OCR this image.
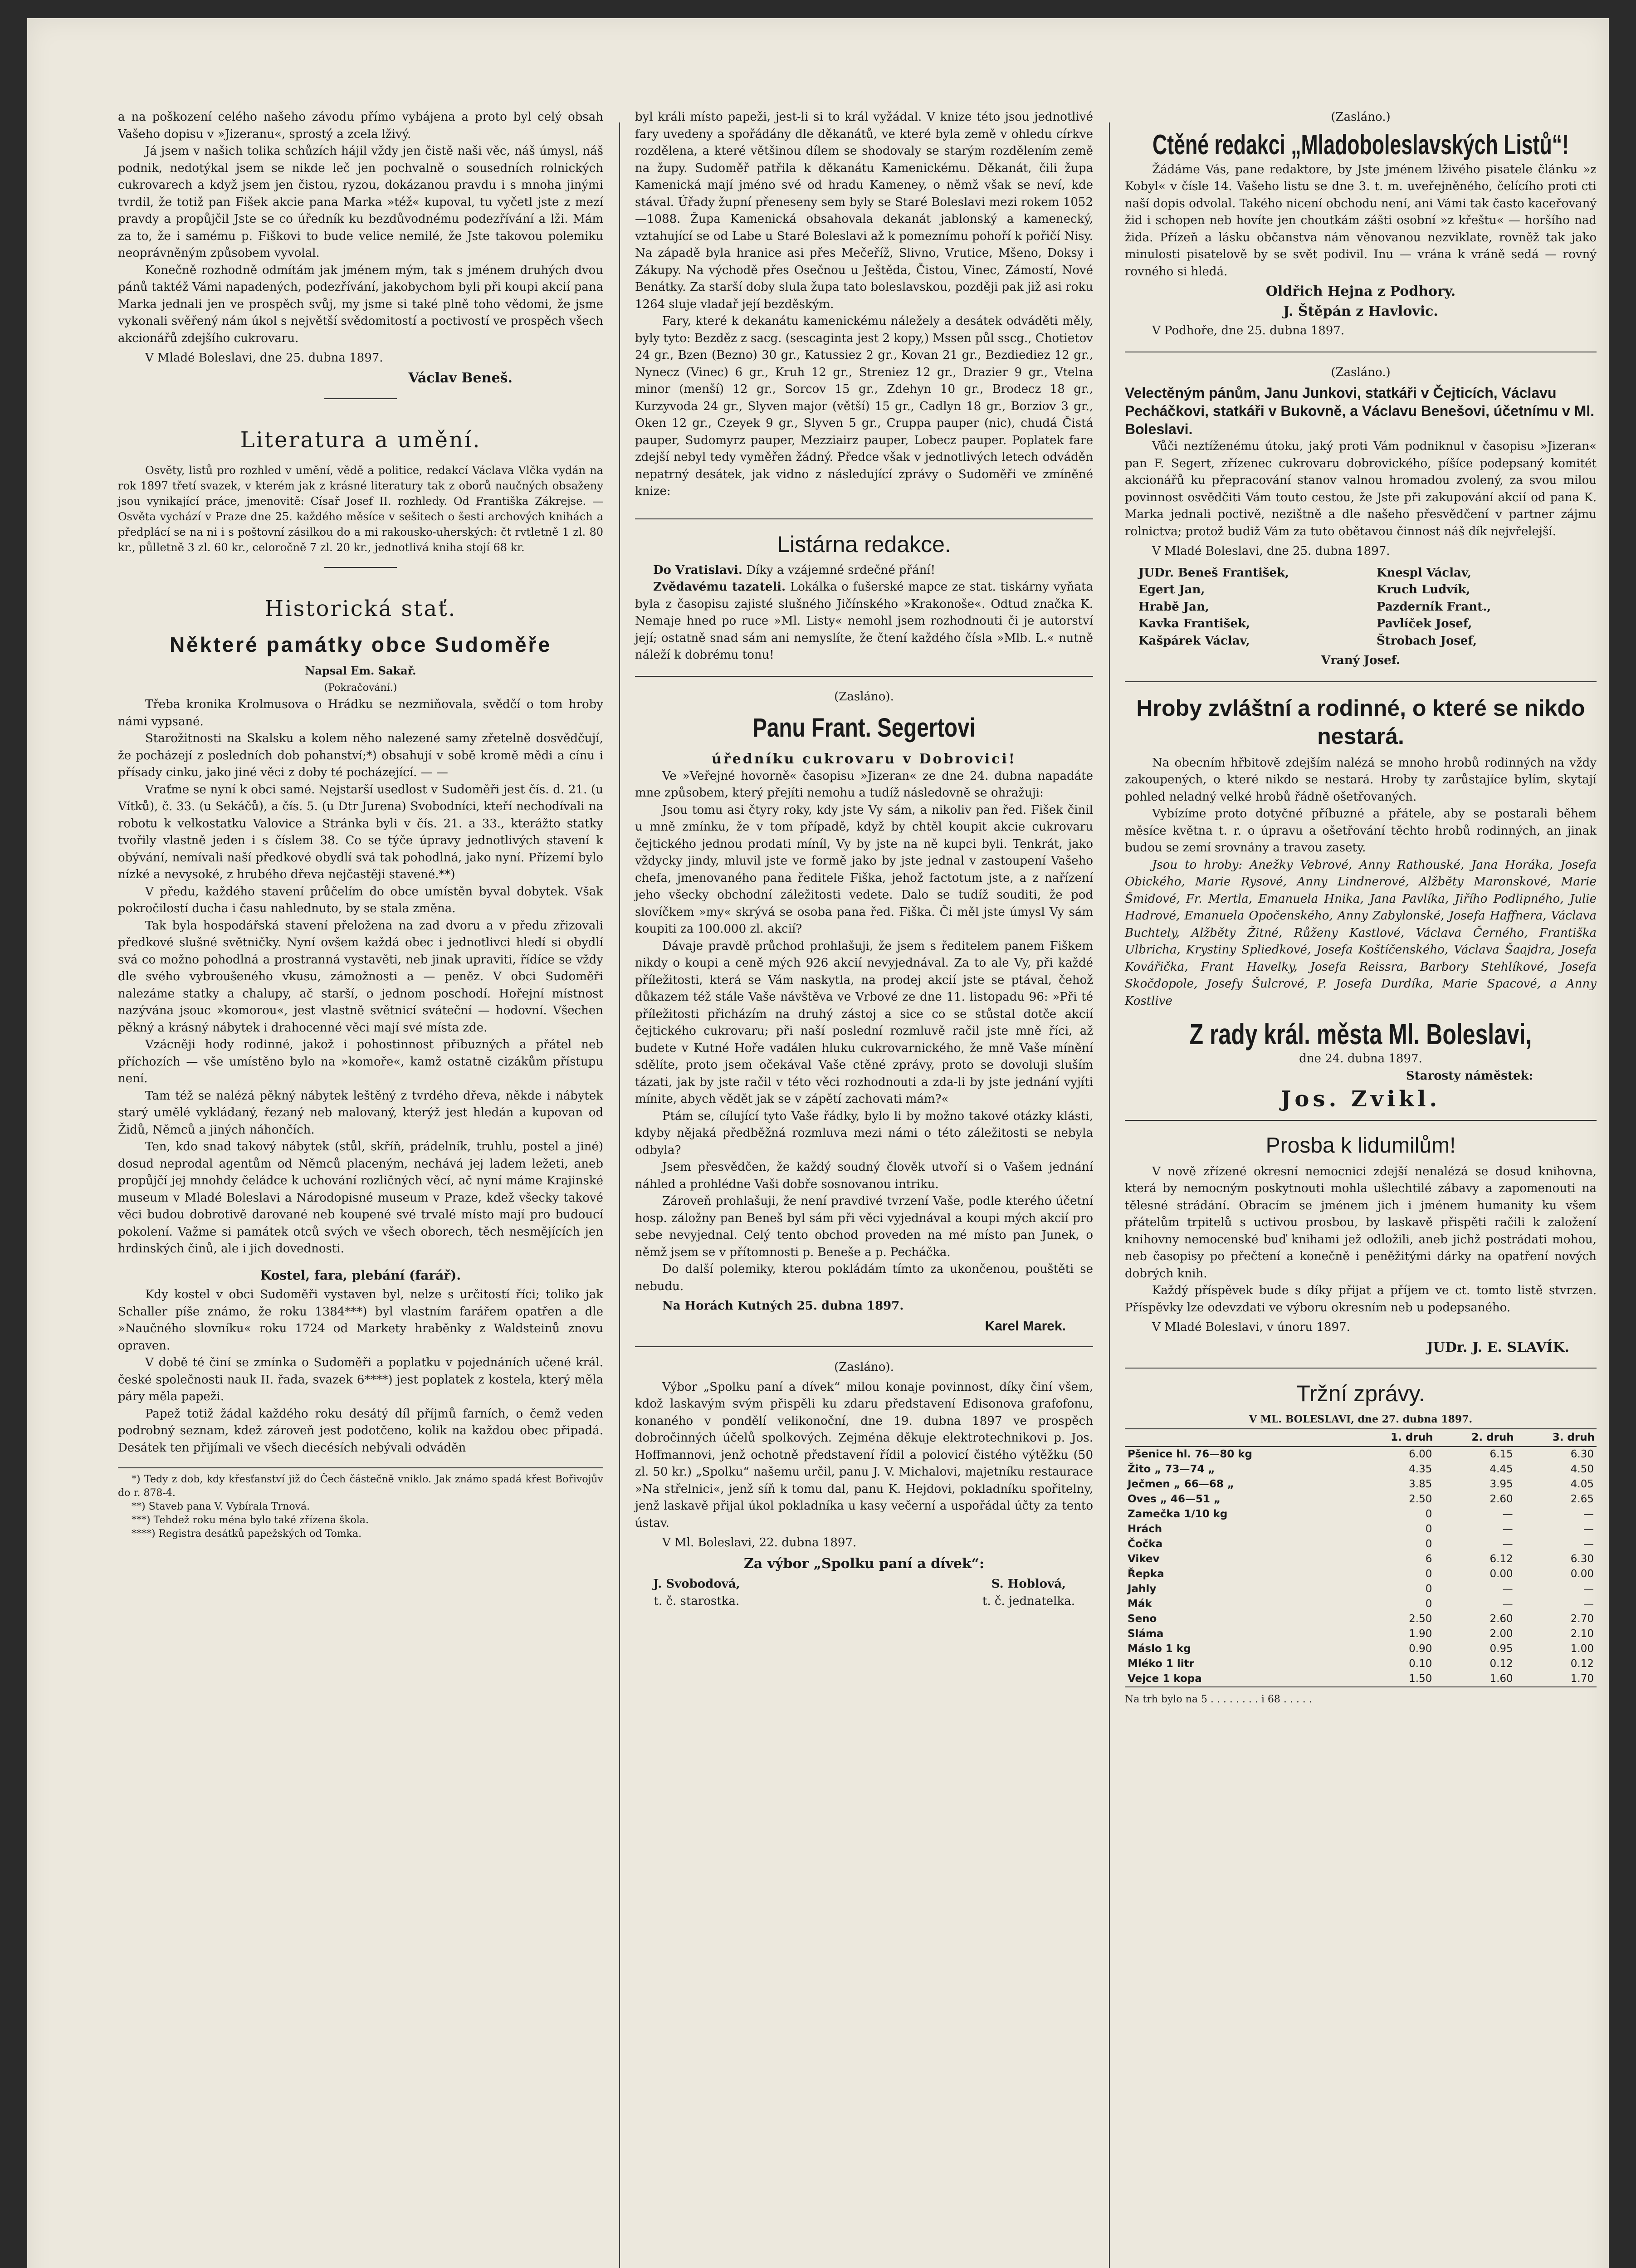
a na poškození celého našeho závodu přímo vybájena a proto byl celý obsah Vašeho dopisu v »Jizeranu«, sprostý a zcela lživý.

Já jsem v našich tolika schůzích hájil vždy jen čistě naši věc, náš úmysl, náš podnik, nedotýkal jsem se nikde leč jen pochvalně o sousedních rolnických cukrovarech a když jsem jen čistou, ryzou, dokázanou pravdu i s mnoha jinými tvrdil, že totiž pan Fišek akcie pana Marka »též« kupoval, tu vyčetl jste z mezí pravdy a propůjčil Jste se co úředník ku bezdůvodnému podezřívání a lži. Mám za to, že i samému p. Fiškovi to bude velice nemilé, že Jste takovou polemiku neoprávněným způsobem vyvolal.

Konečně rozhodně odmítám jak jménem mým, tak s jménem druhých dvou pánů taktéž Vámi napadených, podezřívání, jakobychom byli při koupi akcií pana Marka jednali jen ve prospěch svůj, my jsme si také plně toho vědomi, že jsme vykonali svěřený nám úkol s největší svědomitostí a poctivostí ve prospěch všech akcionářů zdejšího cukrovaru.

V Mladé Boleslavi, dne 25. dubna 1897.

Václav Beneš.
Literatura a umění.

Osvěty, listů pro rozhled v umění, vědě a politice, redakcí Václava Vlčka vydán na rok 1897 třetí svazek, v kterém jak z krásné literatury tak z oborů naučných obsaženy jsou vynikající práce, jmenovitě: Císař Josef II. rozhledy. Od Františka Zákrejse. — Osvěta vychází v Praze dne 25. každého měsíce v sešitech o šesti archových knihách a předplácí se na ni i s poštovní zásilkou do a mi rakousko-uherských: čt rvtletně 1 zl. 80 kr., půlletně 3 zl. 60 kr., celoročně 7 zl. 20 kr., jednotlivá kniha stojí 68 kr.

Historická stať.
Některé památky obce Sudoměře
Napsal Em. Sakař.
(Pokračování.)

Třeba kronika Krolmusova o Hrádku se nezmiňovala, svědčí o tom hroby námi vypsané.

Starožitnosti na Skalsku a kolem něho nalezené samy zřetelně dosvědčují, že pocházejí z posledních dob pohanství;*) obsahují v sobě kromě mědi a cínu i přísady cinku, jako jiné věci z doby té pocházející. — —

Vraťme se nyní k obci samé. Nejstarší usedlost v Sudoměři jest čís. d. 21. (u Vítků), č. 33. (u Sekáčů), a čís. 5. (u Dtr Jurena) Svobodníci, kteří nechodívali na robotu k velkostatku Valovice a Stránka byli v čís. 21. a 33., kterážto statky tvořily vlastně jeden i s číslem 38. Co se týče úpravy jednotlivých stavení k obývání, nemívali naší předkové obydlí svá tak pohodlná, jako nyní. Přízemí bylo nízké a nevysoké, z hrubého dřeva nejčastěji stavené.**)

V předu, každého stavení průčelím do obce umístěn byval dobytek. Však pokročilostí ducha i času nahlednuto, by se stala změna.

Tak byla hospodářská stavení přeložena na zad dvoru a v předu zřizovali předkové slušné světničky. Nyní ovšem každá obec i jednotlivci hledí si obydlí svá co možno pohodlná a prostranná vystavěti, neb jinak upraviti, řídíce se vždy dle svého vybroušeného vkusu, zámožnosti a — peněz. V obci Sudoměři nalezáme statky a chalupy, ač starší, o jednom poschodí. Hořejní místnost nazývána jsouc »komorou«, jest vlastně světnicí sváteční — hodovní. Všechen pěkný a krásný nábytek i drahocenné věci mají své místa zde.

Vzácněji hody rodinné, jakož i pohostinnost přibuzných a přátel neb příchozích — vše umístěno bylo na »komoře«, kamž ostatně cizákům přístupu není.

Tam též se nalézá pěkný nábytek leštěný z tvrdého dřeva, někde i nábytek starý umělé vykládaný, řezaný neb malovaný, kterýž jest hledán a kupovan od Židů, Němců a jiných náhončích.

Ten, kdo snad takový nábytek (stůl, skříň, prádelník, truhlu, postel a jiné) dosud neprodal agentům od Němců placeným, nechává jej ladem ležeti, aneb propůjčí jej mnohdy čeládce k uchování rozličných věcí, ač nyní máme Krajinské museum v Mladé Boleslavi a Národopisné museum v Praze, kdež všecky takové věci budou dobrotivě darované neb koupené své trvalé místo mají pro budoucí pokolení. Važme si památek otců svých ve všech oborech, těch nesmějících jen hrdinských činů, ale i jich dovednosti.

Kostel, fara, plebání (farář).

Kdy kostel v obci Sudoměři vystaven byl, nelze s určitostí říci; toliko jak Schaller píše známo, že roku 1384***) byl vlastním farářem opatřen a dle »Naučného slovníku« roku 1724 od Markety hraběnky z Waldsteinů znovu opraven.

V době té činí se zmínka o Sudoměři a poplatku v pojednáních učené král. české společnosti nauk II. řada, svazek 6****) jest poplatek z kostela, který měla páry měla papeži.

Papež totiž žádal každého roku desátý díl příjmů farních, o čemž veden podrobný seznam, kdež zároveň jest podotčeno, kolik na každou obec připadá. Desátek ten přijímali ve všech diecésích nebývali odváděn

*) Tedy z dob, kdy křesťanství již do Čech částečně vniklo. Jak známo spadá křest Bořivojův do r. 878-4.

**) Staveb pana V. Vybírala Trnová.

***) Tehdež roku ména bylo také zřízena škola.

****) Registra desátků papežských od Tomka.

byl králi místo papeži, jest-li si to král vyžádal. V knize této jsou jednotlivé fary uvedeny a spořádány dle děkanátů, ve které byla země v ohledu církve rozdělena, a které většinou dílem se shodovaly se starým rozdělením země na župy. Sudoměř patřila k děkanátu Kamenickému. Děkanát, čili župa Kamenická mají jméno své od hradu Kameney, o němž však se neví, kde stával. Úřady župní přeneseny sem byly se Staré Boleslavi mezi rokem 1052—1088. Župa Kamenická obsahovala dekanát jablonský a kamenecký, vztahující se od Labe u Staré Boleslavi až k pomeznímu pohoří k pořičí Nisy. Na západě byla hranice asi přes Mečeříž, Slivno, Vrutice, Mšeno, Doksy i Zákupy. Na východě přes Osečnou u Ještěda, Čistou, Vinec, Zámostí, Nové Benátky. Za starší doby slula župa tato boleslavskou, později pak již asi roku 1264 sluje vladař její bezděským.

Fary, které k dekanátu kamenickému náležely a desátek odváděti měly, byly tyto: Bezděz z sacg. (sescaginta jest 2 kopy,) Mssen půl sscg., Chotietov 24 gr., Bzen (Bezno) 30 gr., Katussiez 2 gr., Kovan 21 gr., Bezdiediez 12 gr., Nynecz (Vinec) 6 gr., Kruh 12 gr., Streniez 12 gr., Drazier 9 gr., Vtelna minor (menší) 12 gr., Sorcov 15 gr., Zdehyn 10 gr., Brodecz 18 gr., Kurzyvoda 24 gr., Slyven major (větší) 15 gr., Cadlyn 18 gr., Borziov 3 gr., Oken 12 gr., Czeyek 9 gr., Slyven 5 gr., Cruppa pauper (nic), chudá Čistá pauper, Sudomyrz pauper, Mezziairz pauper, Lobecz pauper. Poplatek fare zdejší nebyl tedy vyměřen žádný. Předce však v jednotlivých letech odváděn nepatrný desátek, jak vidno z následující zprávy o Sudoměři ve zmíněné knize:

Listárna redakce.

Do Vratislavi. Díky a vzájemné srdečné přání!

Zvědavému tazateli. Lokálka o fušerské mapce ze stat. tiskárny vyňata byla z časopisu zajisté slušného Jičínského »Krakonoše«. Odtud značka K. Nemaje hned po ruce »Ml. Listy« nemohl jsem rozhodnouti či je autorství její; ostatně snad sám ani nemyslíte, že čtení každého čísla »Mlb. L.« nutně náleží k dobrému tonu!

(Zasláno).
Panu Frant. Segertovi
úředníku cukrovaru v Dobrovici!

Ve »Veřejné hovorně« časopisu »Jizeran« ze dne 24. dubna napadáte mne způsobem, který přejíti nemohu a tudíž následovně se ohražuji:

Jsou tomu asi čtyry roky, kdy jste Vy sám, a nikoliv pan řed. Fišek činil u mně zmínku, že v tom případě, když by chtěl koupit akcie cukrovaru čejtického jednou prodati míníl, Vy by jste na ně kupci byli. Tenkrát, jako vždycky jindy, mluvil jste ve formě jako by jste jednal v zastoupení Vašeho chefa, jmenovaného pana ředitele Fiška, jehož factotum jste, a z nařízení jeho všecky obchodní záležitosti vedete. Dalo se tudíž souditi, že pod slovíčkem »my« skrývá se osoba pana řed. Fiška. Či měl jste úmysl Vy sám koupiti za 100.000 zl. akcií?

Dávaje pravdě průchod prohlašuji, že jsem s ředitelem panem Fiškem nikdy o koupi a ceně mých 926 akcií nevyjednával. Za to ale Vy, při každé příležitosti, která se Vám naskytla, na prodej akcií jste se ptával, čehož důkazem též stále Vaše návštěva ve Vrbové ze dne 11. listopadu 96: »Při té příležitosti přicházím na druhý zástoj a sice co se stůstal dotče akcií čejtického cukrovaru; při naší poslední rozmluvě račil jste mně říci, až budete v Kutné Hoře vadálen hluku cukrovarnického, že mně Vaše mínění sdělíte, proto jsem očekával Vaše ctěné zprávy, proto se dovoluji sluším tázati, jak by jste račil v této věci rozhodnouti a zda-li by jste jednání vyjíti mínite, abych vědět jak se v zápětí zachovati mám?«

Ptám se, cílující tyto Vaše řádky, bylo li by možno takové otázky klásti, kdyby nějaká předběžná rozmluva mezi námi o této záležitosti se nebyla odbyla?

Jsem přesvědčen, že každý soudný člověk utvoří si o Vašem jednání náhled a prohlédne Vaši dobře sosnovanou intriku.

Zároveň prohlašuji, že není pravdivé tvrzení Vaše, podle kterého účetní hosp. záložny pan Beneš byl sám při věci vyjednával a koupi mých akcií pro sebe nevyjednal. Celý tento obchod proveden na mé místo pan Junek, o němž jsem se v přítomnosti p. Beneše a p. Pecháčka.

Do další polemiky, kterou pokládám tímto za ukončenou, pouštěti se nebudu.

Na Horách Kutných 25. dubna 1897.

Karel Marek.
(Zasláno).

Výbor „Spolku paní a dívek“ milou konaje povinnost, díky činí všem, kdož laskavým svým přispěli ku zdaru představení Edisonova grafofonu, konaného v pondělí velikonoční, dne 19. dubna 1897 ve prospěch dobročinných účelů spolkových. Zejména děkuje elektrotechnikovi p. Jos. Hoffmannovi, jenž ochotně představení řídil a polovicí čistého výtěžku (50 zl. 50 kr.) „Spolku“ našemu určil, panu J. V. Michalovi, majetníku restaurace »Na střelnici«, jenž síň k tomu dal, panu K. Hejdovi, pokladníku spořitelny, jenž laskavě přijal úkol pokladníka u kasy večerní a uspořádal účty za tento ústav.

V Ml. Boleslavi, 22. dubna 1897.

Za výbor „Spolku paní a dívek“:
J. Svobodová,
t. č. starostka.
S. Hoblová,
t. č. jednatelka.
(Zasláno.)
Ctěné redakci „Mladoboleslavských Listů“!

Žádáme Vás, pane redaktore, by Jste jménem lživého pisatele článku »z Kobyl« v čísle 14. Vašeho listu se dne 3. t. m. uveřejněného, čelícího proti cti naší dopis odvolal. Takého nicení obchodu není, ani Vámi tak často kaceřovaný žid i schopen neb hovíte jen choutkám zášti osobní »z křeštu« — horšího nad žida. Přízeň a lásku občanstva nám věnovanou nezviklate, rovněž tak jako minulosti pisatelově by se svět podivil. Inu — vrána k vráně sedá — rovný rovného si hledá.

Oldřich Hejna z Podhory.
J. Štěpán z Havlovic.

V Podhoře, dne 25. dubna 1897.

(Zasláno.)
Velectěným pánům, Janu Junkovi, statkáři v Čejticích, Václavu Pecháčkovi, statkáři v Bukovně, a Václavu Benešovi, účetnímu v Ml. Boleslavi.

Vůči neztíženému útoku, jaký proti Vám podniknul v časopisu »Jizeran« pan F. Segert, zřízenec cukrovaru dobrovického, píšíce podepsaný komitét akcionářů ku přepracování stanov valnou hromadou zvolený, za svou milou povinnost osvědčiti Vám touto cestou, že Jste při zakupování akcií od pana K. Marka jednali poctivě, nezištně a dle našeho přesvědčení v partner zájmu rolnictva; protož budiž Vám za tuto obětavou činnost náš dík nejvřelejší.

V Mladé Boleslavi, dne 25. dubna 1897.

JUDr. Beneš František,	Knespl Václav,
Egert Jan,	Kruch Ludvík,
Hrabě Jan,	Pazderník Frant.,
Kavka František,	Pavlíček Josef,
Kašpárek Václav,	Štrobach Josef,
Vraný Josef.
Hroby zvláštní a rodinné, o které se nikdo nestará.

Na obecním hřbitově zdejším nalézá se mnoho hrobů rodinných na vždy zakoupených, o které nikdo se nestará. Hroby ty zarůstajíce bylím, skytají pohled neladný velké hrobů řádně ošetřovaných.

Vybízíme proto dotyčné příbuzné a přátele, aby se postarali během měsíce května t. r. o úpravu a ošetřování těchto hrobů rodinných, an jinak budou se zemí srovnány a travou zasety.

Jsou to hroby: Anežky Vebrové, Anny Rathouské, Jana Horáka, Josefa Obického, Marie Rysové, Anny Lindnerové, Alžběty Maronskové, Marie Šmidové, Fr. Mertla, Emanuela Hnika, Jana Pavlíka, Jiřího Podlipného, Julie Hadrové, Emanuela Opočenského, Anny Zabylonské, Josefa Haffnera, Václava Buchtely, Alžběty Žitné, Růženy Kastlové, Václava Černého, Františka Ulbricha, Krystiny Spliedkové, Josefa Koštíčenského, Václava Šaajdra, Josefa Kovářička, Frant Havelky, Josefa Reissra, Barbory Stehlíkové, Josefa Skočdopole, Josefy Šulcrové, P. Josefa Durdíka, Marie Spacové, a Anny Kostlive

Z rady král. města Ml. Boleslavi,
dne 24. dubna 1897.
Starosty náměstek:
Jos. Zvikl.
Prosba k lidumilům!

V nově zřízené okresní nemocnici zdejší nenalézá se dosud knihovna, která by nemocným poskytnouti mohla ušlechtilé zábavy a zapomenouti na tělesné strádání. Obracím se jménem jich i jménem humanity ku všem přátelům trpitelů s uctivou prosbou, by laskavě přispěti račili k založení knihovny nemocenské buď knihami jež odložili, aneb jichž postrádati mohou, neb časopisy po přečtení a konečně i peněžitými dárky na opatření nových dobrých knih.

Každý příspěvek bude s díky přijat a příjem ve ct. tomto listě stvrzen. Příspěvky lze odevzdati ve výboru okresním neb u podepsaného.

V Mladé Boleslavi, v únoru 1897.

JUDr. J. E. SLAVÍK.
Tržní zprávy.
V ML. BOLESLAVI, dne 27. dubna 1897.
	1. druh	2. druh	3. druh
Pšenice hl. 76—80 kg	6.00	6.15	6.30
Žito „ 73—74 „	4.35	4.45	4.50
Ječmen „ 66—68 „	3.85	3.95	4.05
Oves „ 46—51 „	2.50	2.60	2.65
Zamečka 1/10 kg	0	—	—
Hrách	0	—	—
Čočka	0	—	—
Vikev	6	6.12	6.30
Řepka	0	0.00	0.00
Jahly	0	—	—
Mák	0	—	—
Seno	2.50	2.60	2.70
Sláma	1.90	2.00	2.10
Máslo 1 kg	0.90	0.95	1.00
Mléko 1 litr	0.10	0.12	0.12
Vejce 1 kopa	1.50	1.60	1.70
Na trh bylo na 5 . . . . . . . . i 68 . . . . .
